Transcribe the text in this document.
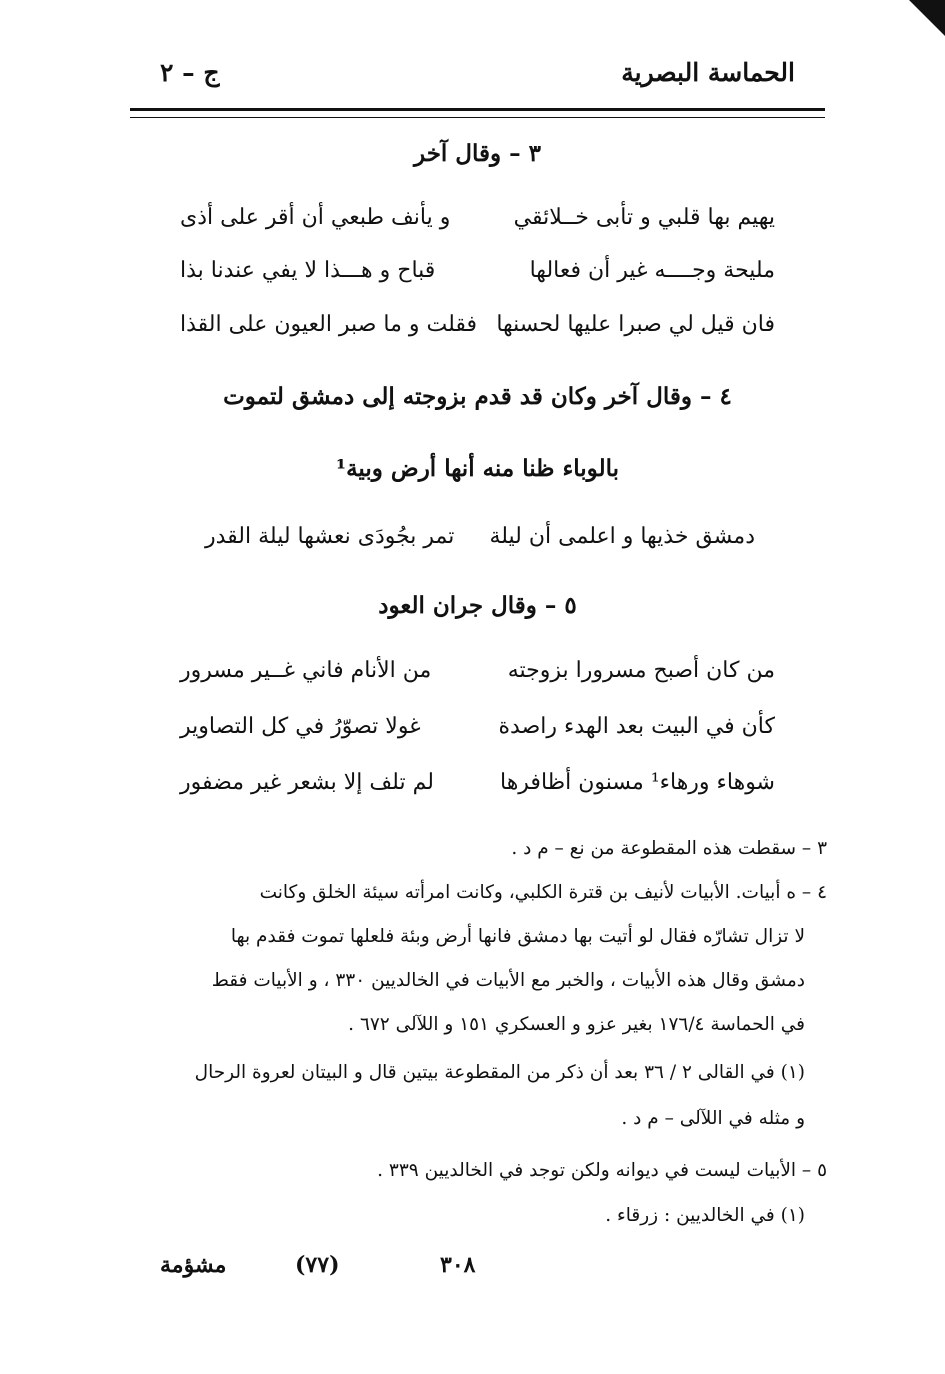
الحماسة البصرية
ج – ٢
٣ – وقال آخر
يهيم بها قلبي و تأبى خــلائقي
و يأنف طبعي أن أقر على أذى
مليحة وجــــه غير أن فعالها
قباح و هـــذا لا يفي عندنا بذا
فان قيل لي صبرا عليها لحسنها
فقلت و ما صبر العيون على القذا
٤ – وقال آخر وكان قد قدم بزوجته إلى دمشق لتموت
بالوباء ظنا منه أنها أرض وبية¹
تمر بجُودَى نعشها ليلة القدر دمشق خذيها و اعلمى أن ليلة
٥ – وقال جران العود
من كان أصبح مسرورا بزوجته
من الأنام فاني غــير مسرور
كأن في البيت بعد الهدء راصدة
غولا تصوّرُ في كل التصاوير
شوهاء ورهاء¹ مسنون أظافرها
لم تلف إلا بشعر غير مضفور
٣ – سقطت هذه المقطوعة من نع – م د .
٤ – ه أبيات. الأبيات لأنيف بن قترة الكلبي، وكانت امرأته سيئة الخلق وكانت
لا تزال تشارّه فقال لو أتيت بها دمشق فانها أرض وبئة فلعلها تموت فقدم بها
دمشق وقال هذه الأبيات ، والخبر مع الأبيات في الخالديين ٣٣٠ ، و الأبيات فقط
في الحماسة ١٧٦/٤ بغير عزو و العسكري ١٥١ و اللآلى ٦٧٢ .
(١) في القالى ٢ / ٣٦ بعد أن ذكر من المقطوعة بيتين قال و البيتان لعروة الرحال
و مثله في اللآلى – م د .
٥ – الأبيات ليست في ديوانه ولكن توجد في الخالديين ٣٣٩ .
(١) في الخالديين : زرقاء .
٣٠٨
(٧٧)
مشؤمة
